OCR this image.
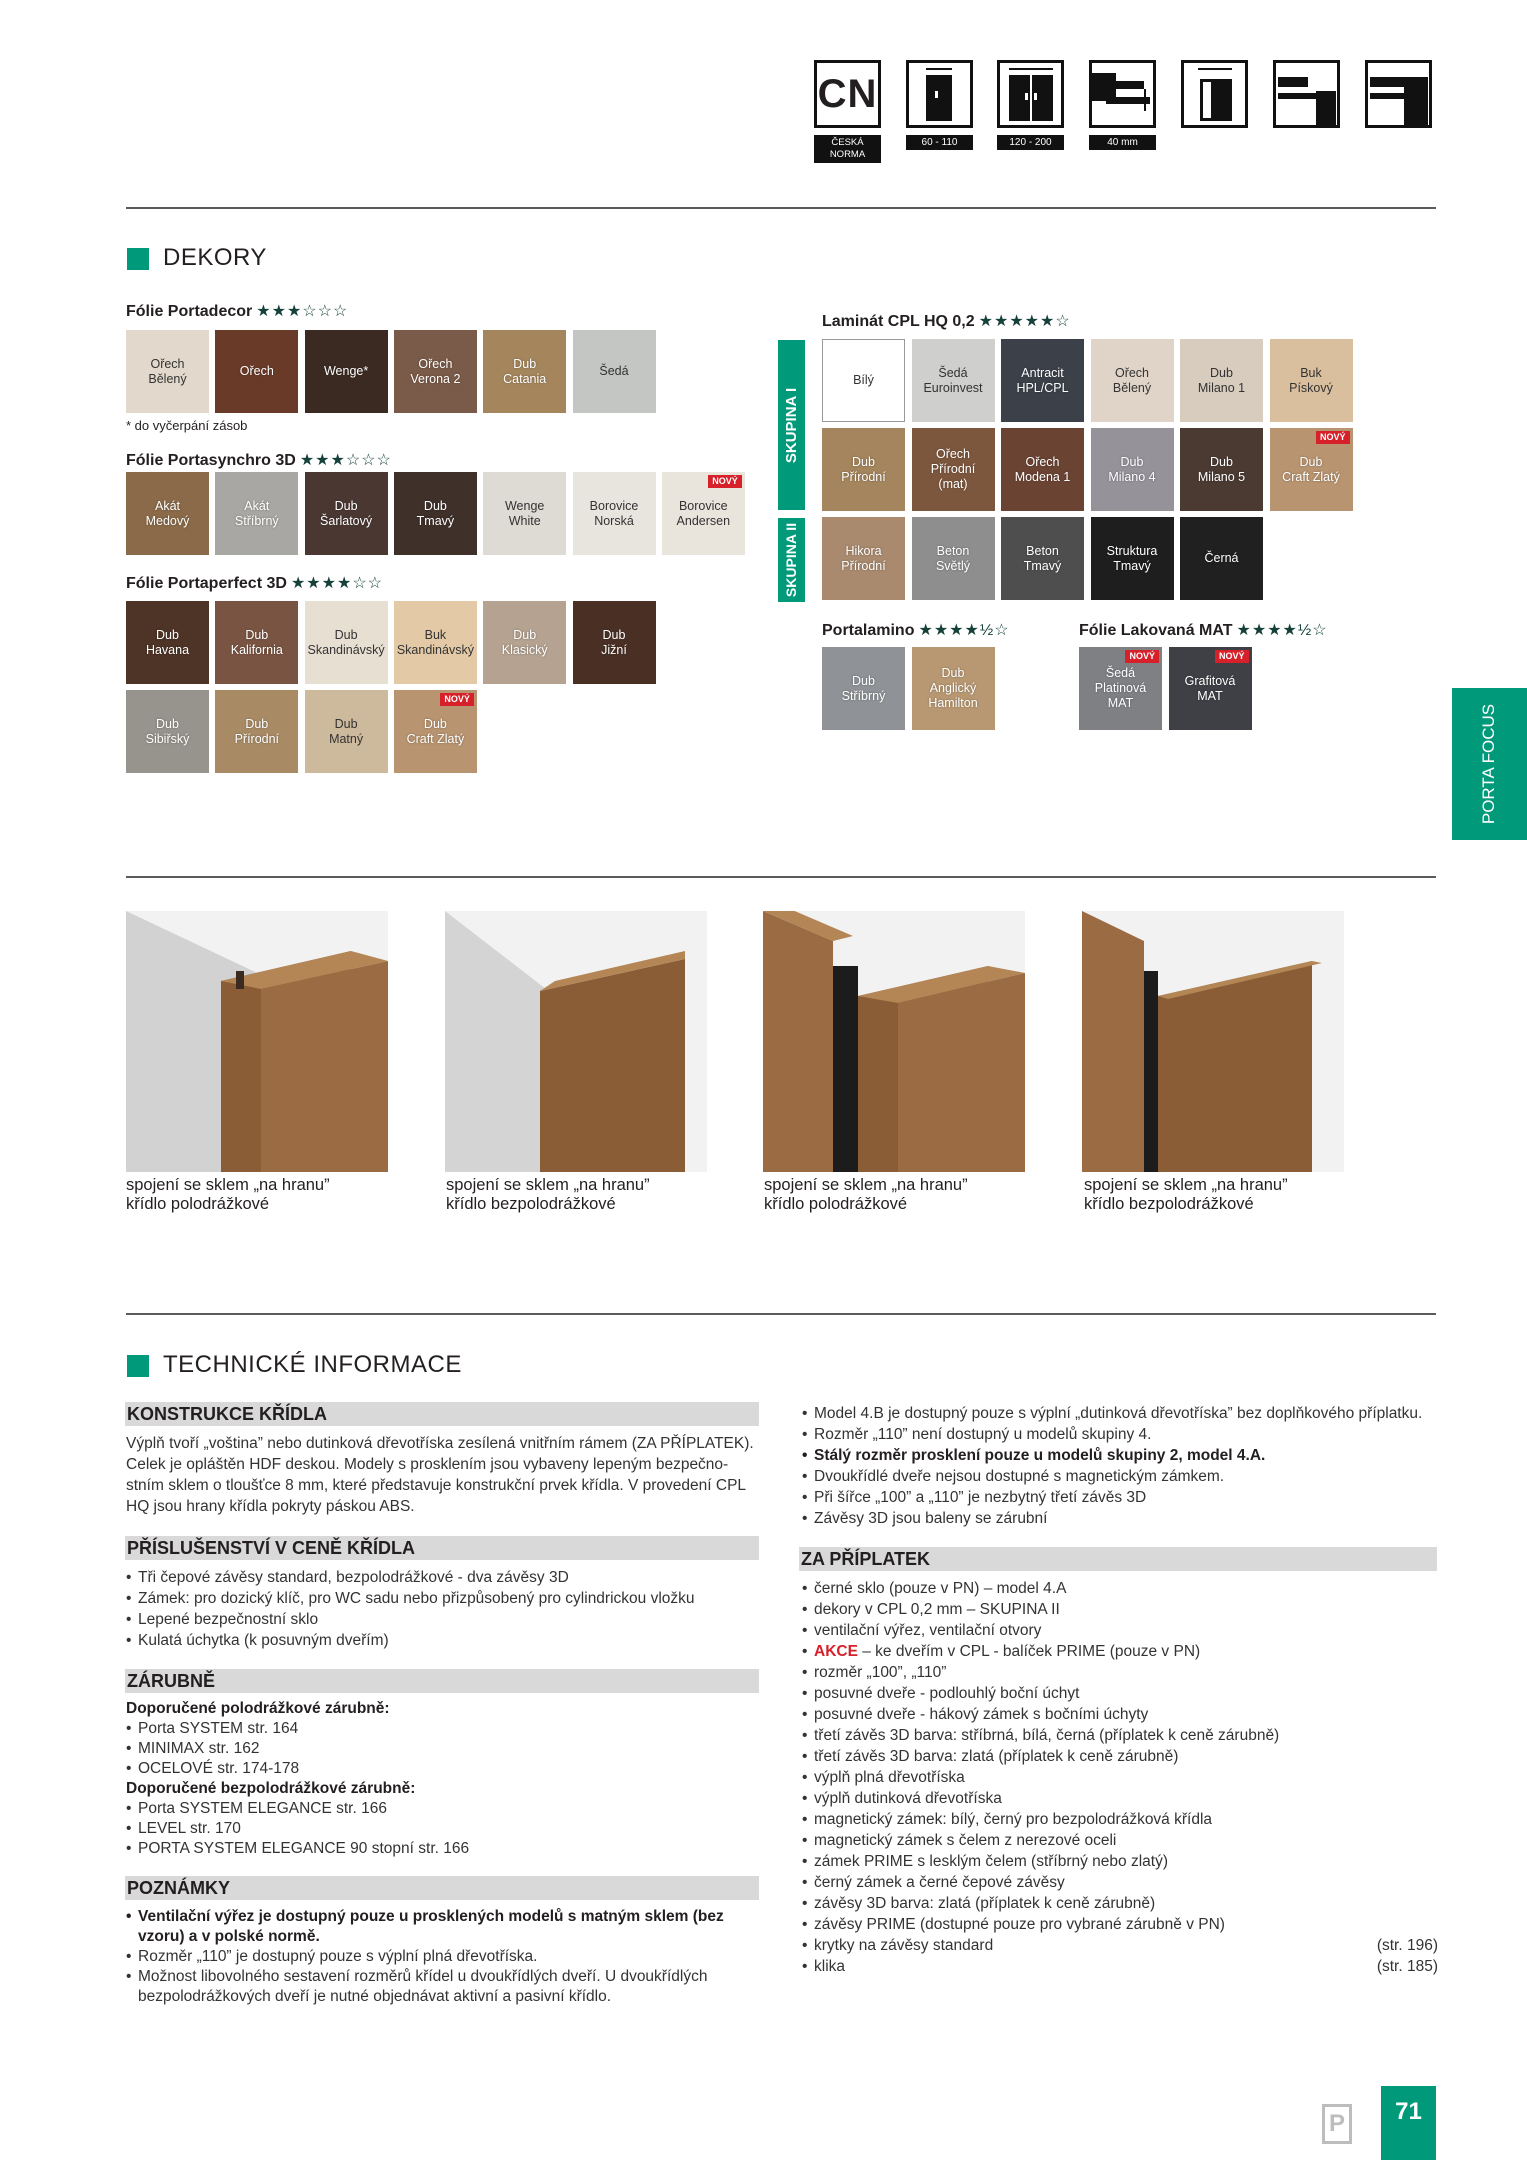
CN
ČESKÁ NORMA
60 - 110	120 - 200	40 mm
DEKORY
Fólie Portadecor ★★★☆☆☆
* do vyčerpání zásob
Fólie Portasynchro 3D ★★★☆☆☆
Fólie Portaperfect 3D ★★★★☆☆
Laminát CPL HQ 0,2 ★★★★★☆
SKUPINA I
SKUPINA II
Portalamino ★★★★½☆	Fólie Lakovaná MAT ★★★★½☆
Ořech
Bělený
Ořech	Wenge*
Ořech
Verona 2
Dub
Catania
Šedá
Akát
Medový
Akát
Stříbrný
Dub
Šarlatový
Dub
Tmavý
Wenge
White
Borovice
Norská
Borovice
Andersen
NOVÝ
Dub
Havana
Dub
Kalifornia
Dub
Skandinávský
Buk
Skandinávský
Dub
Klasický
Dub
Jižní
Dub
Sibiřský
Dub
Přírodní
Dub
Matný
Dub
Craft Zlatý
NOVÝ
Bílý
Šedá
Euroinvest
Antracit
HPL/CPL
Ořech
Bělený
Dub
Milano 1
Buk
Pískový
Dub
Přírodní
Ořech
Přírodní
(mat)
Ořech
Modena 1
Dub
Milano 4
Dub
Milano 5
Dub
Craft Zlatý
NOVÝ
Hikora
Přírodní
Beton
Světlý
Beton
Tmavý
Struktura
Tmavý
Černá
Dub
Stříbrný
Dub
Anglický
Hamilton
Šedá
Platinová
MAT
NOVÝ
Grafitová
MAT
NOVÝ
PORTA FOCUS
spojení se sklem „na hranu”
křídlo polodrážkové
spojení se sklem „na hranu”
křídlo bezpolodrážkové
spojení se sklem „na hranu”
křídlo polodrážkové
spojení se sklem „na hranu”
křídlo bezpolodrážkové
TECHNICKÉ INFORMACE
KONSTRUKCE KŘÍDLA
Výplň tvoří „voština” nebo dutinková dřevotříska zesílená vnitřním rámem (ZA PŘÍPLATEK). Celek je opláštěn HDF deskou. Modely s prosklením jsou vybaveny lepeným bezpečno-stním sklem o tloušťce 8 mm, které představuje konstrukční prvek křídla. V provedení CPL HQ jsou hrany křídla pokryty páskou ABS.
PŘÍSLUŠENSTVÍ V CENĚ KŘÍDLA
• Tři čepové závěsy standard, bezpolodrážkové - dva závěsy 3D
• Zámek: pro dozický klíč, pro WC sadu nebo přizpůsobený pro cylindrickou vložku
• Lepené bezpečnostní sklo
• Kulatá úchytka (k posuvným dveřím)
ZÁRUBNĚ

Doporučené polodrážkové zárubně:

• Porta SYSTEM str. 164
• MINIMAX str. 162
• OCELOVÉ str. 174-178

Doporučené bezpolodrážkové zárubně:

• Porta SYSTEM ELEGANCE str. 166
• LEVEL str. 170
• PORTA SYSTEM ELEGANCE 90 stopní str. 166
POZNÁMKY
• Ventilační výřez je dostupný pouze u prosklených modelů s matným sklem (bez vzoru) a v polské normě.
• Rozměr „110” je dostupný pouze s výplní plná dřevotříska.
• Možnost libovolného sestavení rozměrů křídel u dvoukřídlých dveří. U dvoukřídlých bezpolodrážkových dveří je nutné objednávat aktivní a pasivní křídlo.
• Model 4.B je dostupný pouze s výplní „dutinková dřevotříska” bez doplňkového příplatku.
• Rozměr „110” není dostupný u modelů skupiny 4.
• Stálý rozměr prosklení pouze u modelů skupiny 2, model 4.A.
• Dvoukřídlé dveře nejsou dostupné s magnetickým zámkem.
• Při šířce „100” a „110” je nezbytný třetí závěs 3D
• Závěsy 3D jsou baleny se zárubní
ZA PŘÍPLATEK
• černé sklo (pouze v PN) – model 4.A
• dekory v CPL 0,2 mm – SKUPINA II
• ventilační výřez, ventilační otvory
• AKCE – ke dveřím v CPL - balíček PRIME (pouze v PN)
• rozměr „100”, „110”
• posuvné dveře - podlouhlý boční úchyt
• posuvné dveře - hákový zámek s bočními úchyty
• třetí závěs 3D barva: stříbrná, bílá, černá (příplatek k ceně zárubně)
• třetí závěs 3D barva: zlatá (příplatek k ceně zárubně)
• výplň plná dřevotříska
• výplň dutinková dřevotříska
• magnetický zámek: bílý, černý pro bezpolodrážková křídla
• magnetický zámek s čelem z nerezové oceli
• zámek PRIME s lesklým čelem (stříbrný nebo zlatý)
• černý zámek a černé čepové závěsy
• závěsy 3D barva: zlatá (příplatek k ceně zárubně)
• závěsy PRIME (dostupné pouze pro vybrané zárubně v PN)
• krytky na závěsy standard	(str. 196)
• klika	(str. 185)
P 71
